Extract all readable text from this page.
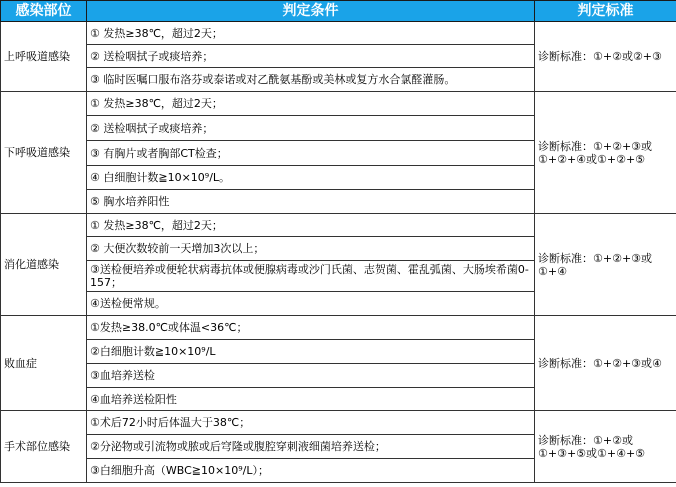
感染部位	判定条件	判定标准
上呼吸道感染	① 发热≥38℃，超过2天；	诊断标准：①+②或②+③
	② 送检咽拭子或痰培养；	
	③ 临时医嘱口服布洛芬或泰诺或对乙酰氨基酚或美林或复方水合氯醛灌肠。	
下呼吸道感染	① 发热≥38℃，超过2天；	诊断标准：①+②+③或①+②+④或①+②+⑤
	② 送检咽拭子或痰培养；	
	③ 有胸片或者胸部CT检查；	
	④ 白细胞计数≧10×10⁹/L。	
	⑤ 胸水培养阳性	
消化道感染	① 发热≥38℃，超过2天；	诊断标准：①+②+③或①+④
	② 大便次数较前一天增加3次以上；	
	③送检便培养或便轮状病毒抗体或便腺病毒或沙门氏菌、志贺菌、霍乱弧菌、大肠埃希菌0-157；	
	④送检便常规。	
败血症	①发热≥38.0℃或体温<36℃；	诊断标准：①+②+③或④
	②白细胞计数≧10×10⁹/L	
	③血培养送检	
	④血培养送检阳性	
手术部位感染	①术后72小时后体温大于38℃；	诊断标准：①+②或①+③+⑤或①+④+⑤
	②分泌物或引流物或脓或后穹隆或腹腔穿刺液细菌培养送检；	
	③白细胞升高（WBC≧10×10⁹/L）；	
